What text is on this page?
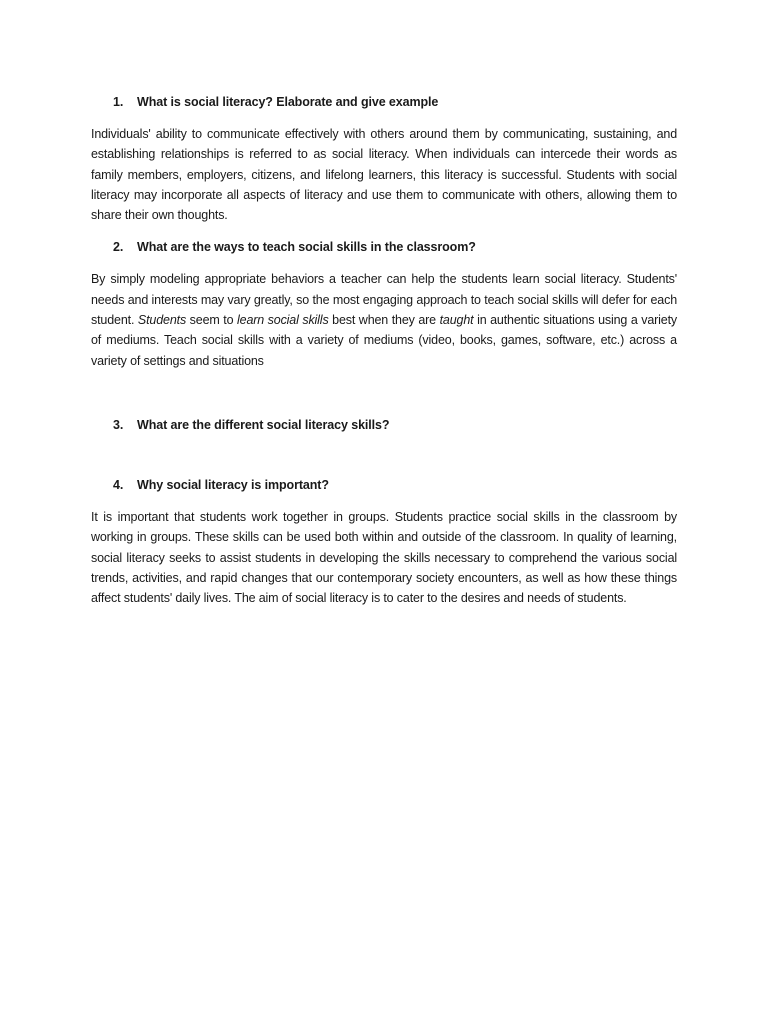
1.	What is social literacy? Elaborate and give example

Individuals' ability to communicate effectively with others around them by communicating, sustaining, and establishing relationships is referred to as social literacy. When individuals can intercede their words as family members, employers, citizens, and lifelong learners, this literacy is successful. Students with social literacy may incorporate all aspects of literacy and use them to communicate with others, allowing them to share their own thoughts.

2.	What are the ways to teach social skills in the classroom?

By simply modeling appropriate behaviors a teacher can help the students learn social literacy. Students' needs and interests may vary greatly, so the most engaging approach to teach social skills will defer for each student. Students seem to learn social skills best when they are taught in authentic situations using a variety of mediums. Teach social skills with a variety of mediums (video, books, games, software, etc.) across a variety of settings and situations

3.	What are the different social literacy skills?
4.	Why social literacy is important?

It is important that students work together in groups. Students practice social skills in the classroom by working in groups. These skills can be used both within and outside of the classroom. In quality of learning, social literacy seeks to assist students in developing the skills necessary to comprehend the various social trends, activities, and rapid changes that our contemporary society encounters, as well as how these things affect students' daily lives. The aim of social literacy is to cater to the desires and needs of students.
